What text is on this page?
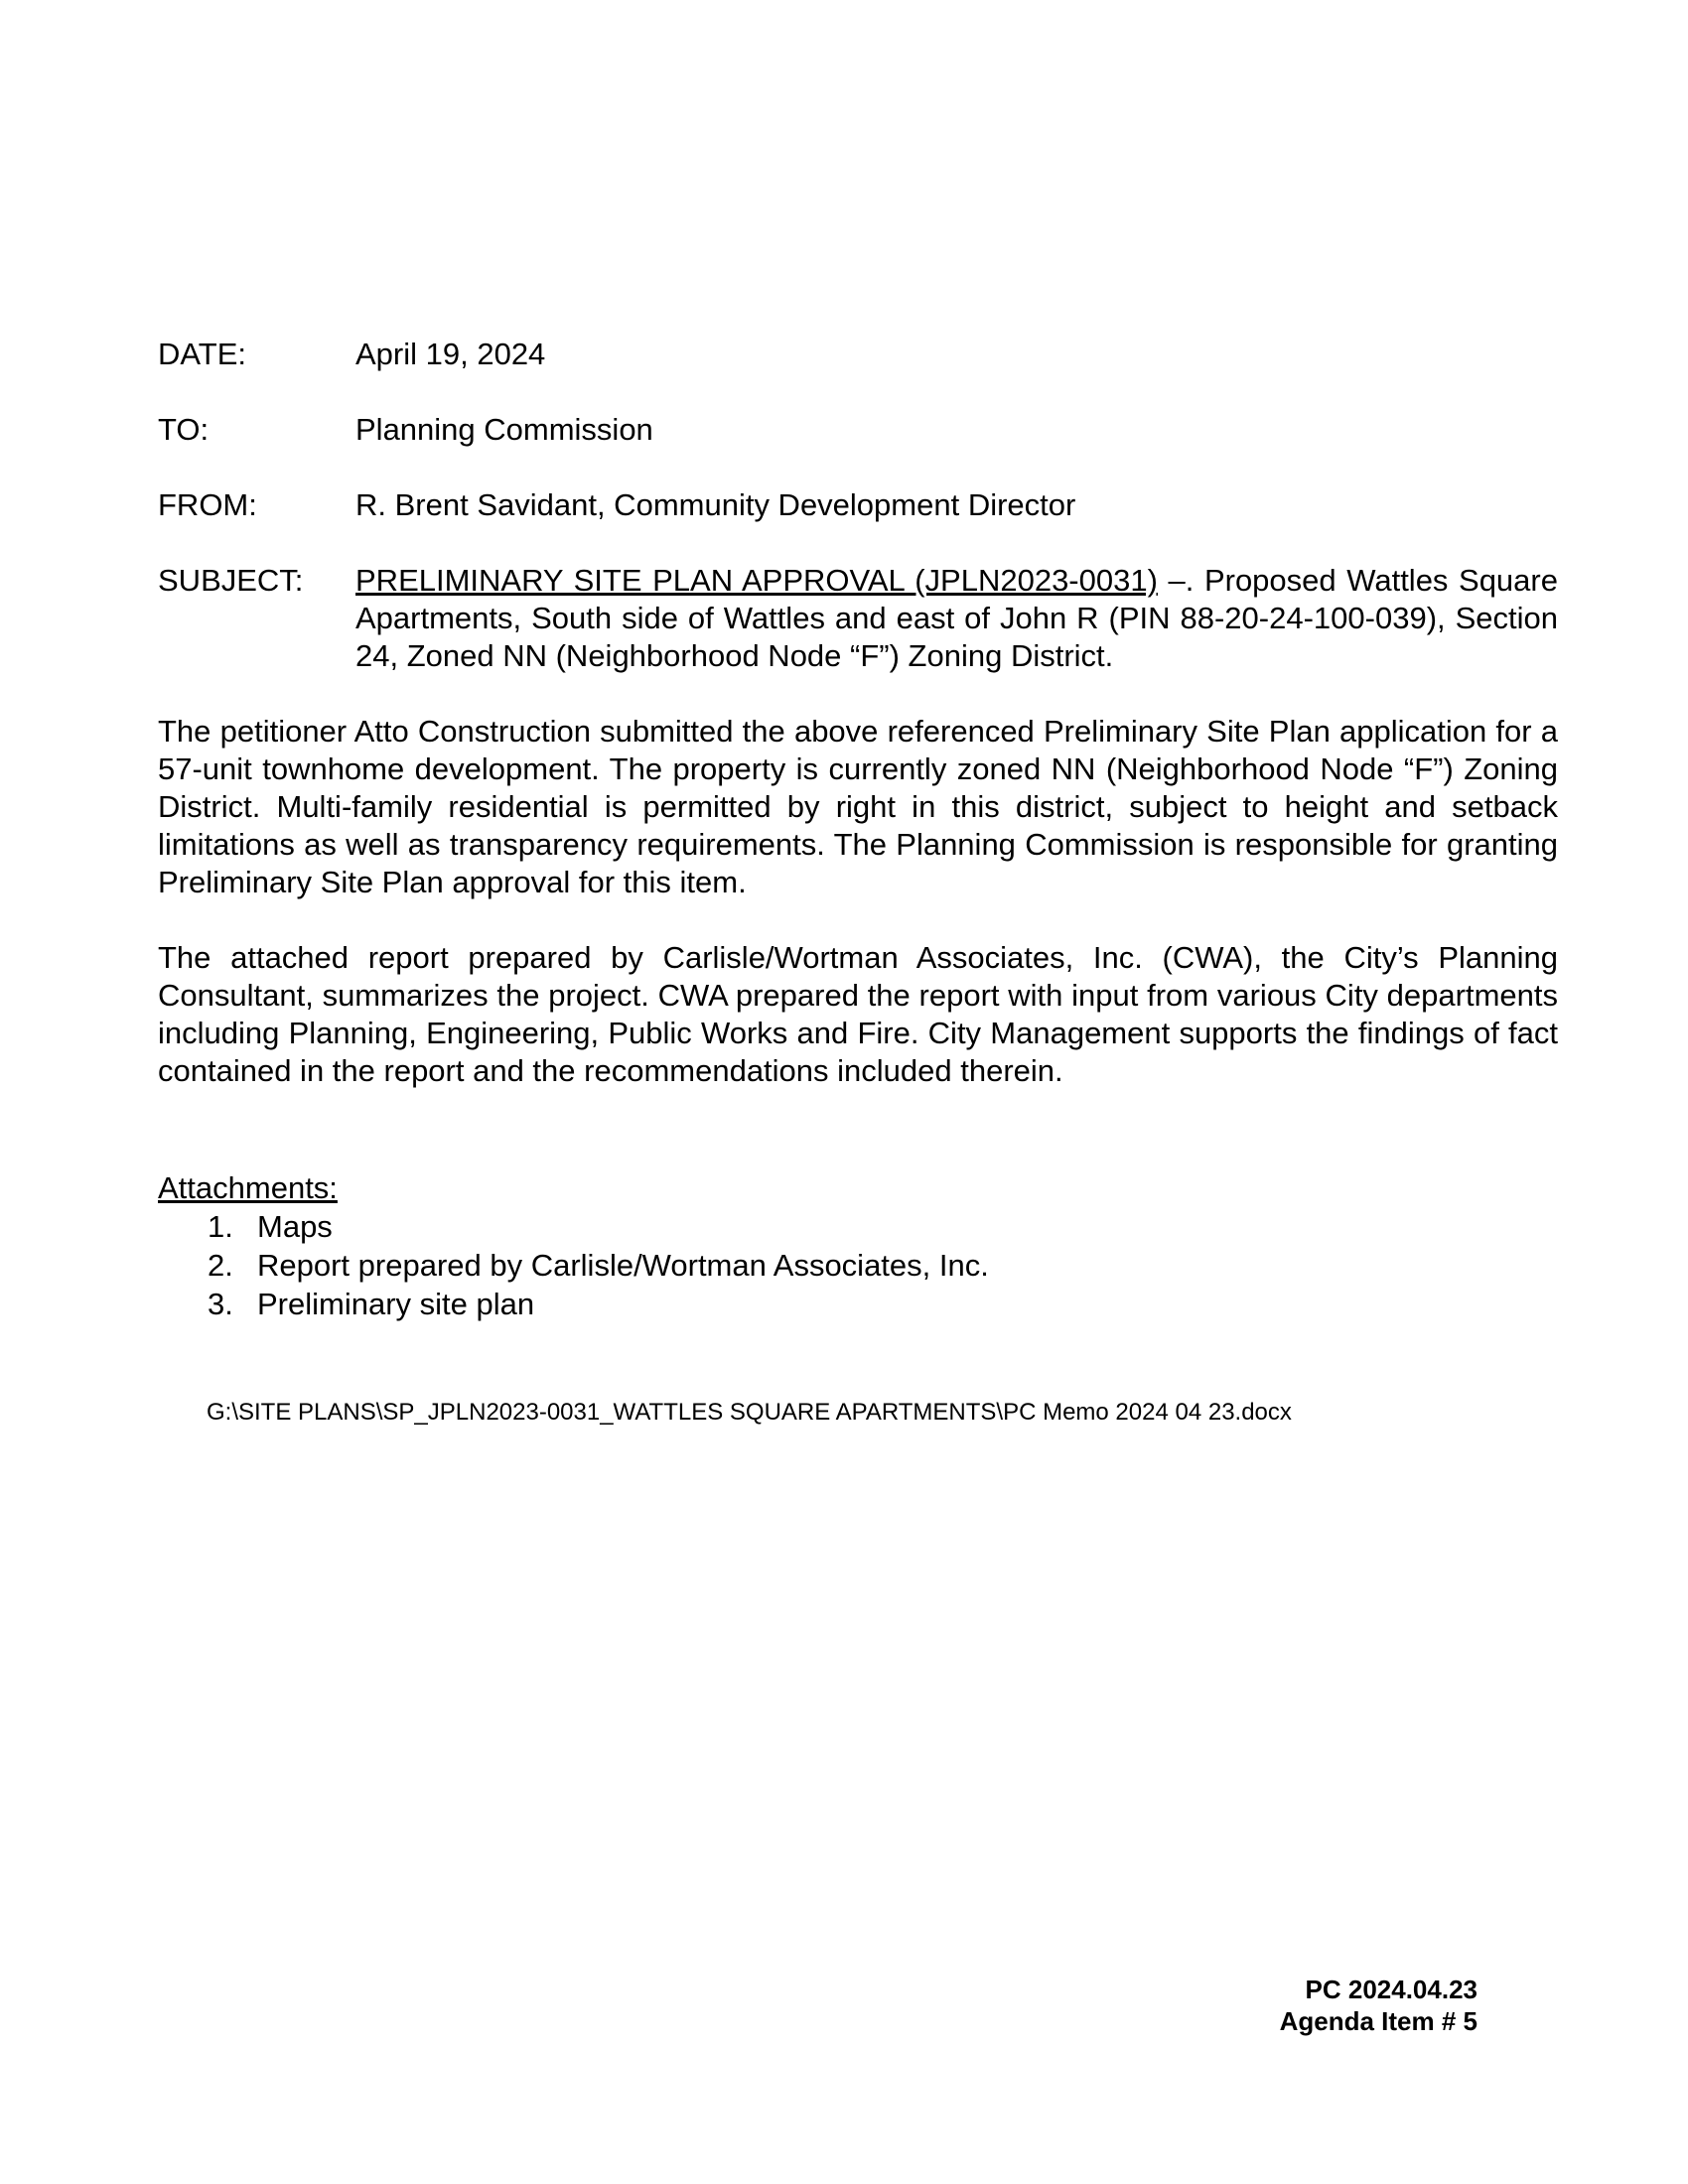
DATE:	April 19, 2024
TO:	Planning Commission
FROM:	R. Brent Savidant, Community Development Director
SUBJECT:	PRELIMINARY SITE PLAN APPROVAL (JPLN2023-0031) –. Proposed Wattles Square Apartments, South side of Wattles and east of John R (PIN 88-20-24-100-039), Section 24, Zoned NN (Neighborhood Node “F”) Zoning District.

The petitioner Atto Construction submitted the above referenced Preliminary Site Plan application for a 57-unit townhome development. The property is currently zoned NN (Neighborhood Node “F”) Zoning District. Multi-family residential is permitted by right in this district, subject to height and setback limitations as well as transparency requirements. The Planning Commission is responsible for granting Preliminary Site Plan approval for this item.

The attached report prepared by Carlisle/Wortman Associates, Inc. (CWA), the City’s Planning Consultant, summarizes the project. CWA prepared the report with input from various City departments including Planning, Engineering, Public Works and Fire. City Management supports the findings of fact contained in the report and the recommendations included therein.

Attachments:

1. Maps
2. Report prepared by Carlisle/Wortman Associates, Inc.
3. Preliminary site plan

G:\SITE PLANS\SP_JPLN2023-0031_WATTLES SQUARE APARTMENTS\PC Memo 2024 04 23.docx

PC 2024.04.23
Agenda Item # 5
